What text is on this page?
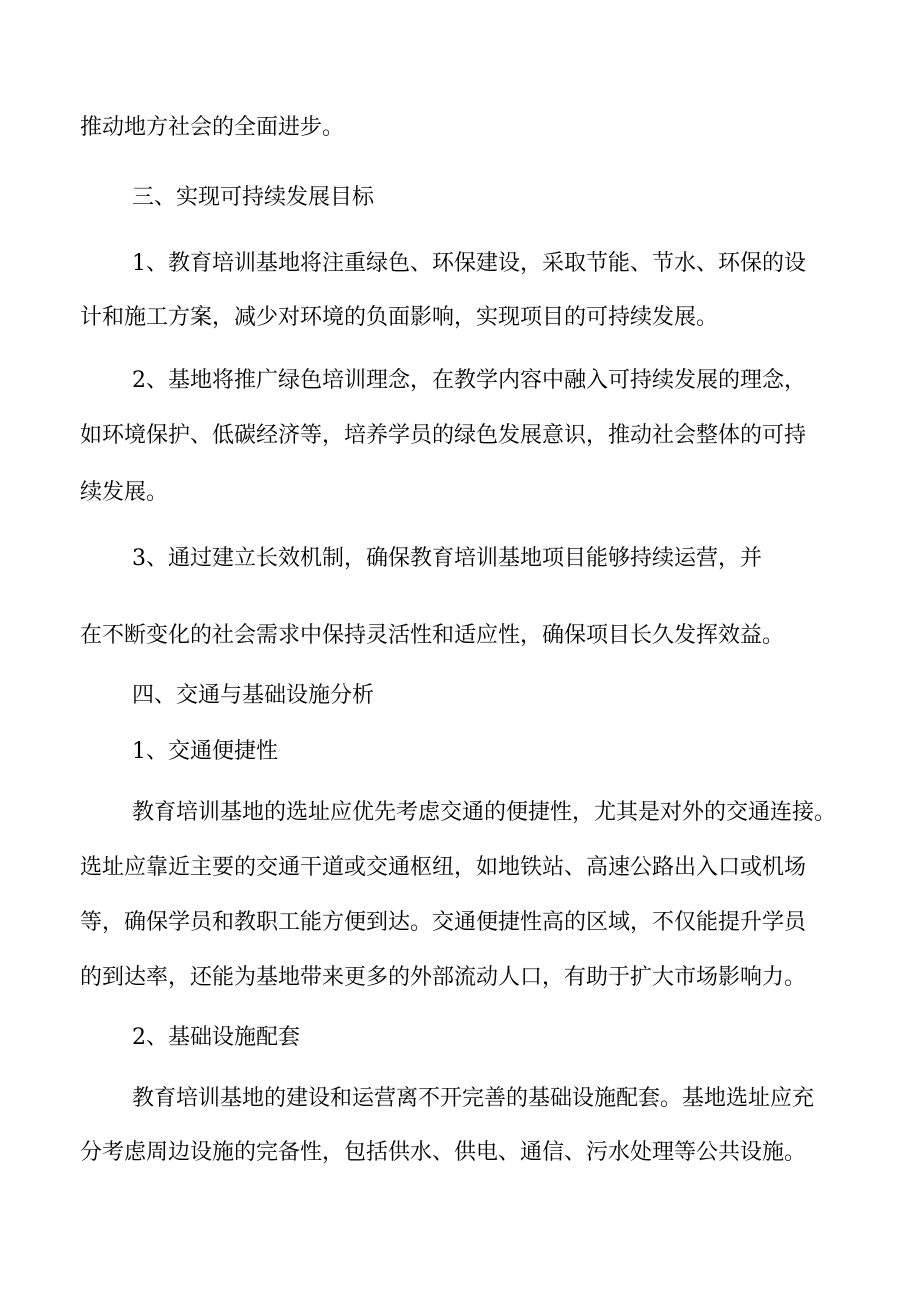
推动地方社会的全面进步。

三、实现可持续发展目标

1、教育培训基地将注重绿色、环保建设，采取节能、节水、环保的设

计和施工方案，减少对环境的负面影响，实现项目的可持续发展。

2、基地将推广绿色培训理念，在教学内容中融入可持续发展的理念，

如环境保护、低碳经济等，培养学员的绿色发展意识，推动社会整体的可持

续发展。

3、通过建立长效机制，确保教育培训基地项目能够持续运营，并

在不断变化的社会需求中保持灵活性和适应性，确保项目长久发挥效益。

四、交通与基础设施分析

1、交通便捷性

教育培训基地的选址应优先考虑交通的便捷性，尤其是对外的交通连接。

选址应靠近主要的交通干道或交通枢纽，如地铁站、高速公路出入口或机场

等，确保学员和教职工能方便到达。交通便捷性高的区域，不仅能提升学员

的到达率，还能为基地带来更多的外部流动人口，有助于扩大市场影响力。

2、基础设施配套

教育培训基地的建设和运营离不开完善的基础设施配套。基地选址应充

分考虑周边设施的完备性，包括供水、供电、通信、污水处理等公共设施。
